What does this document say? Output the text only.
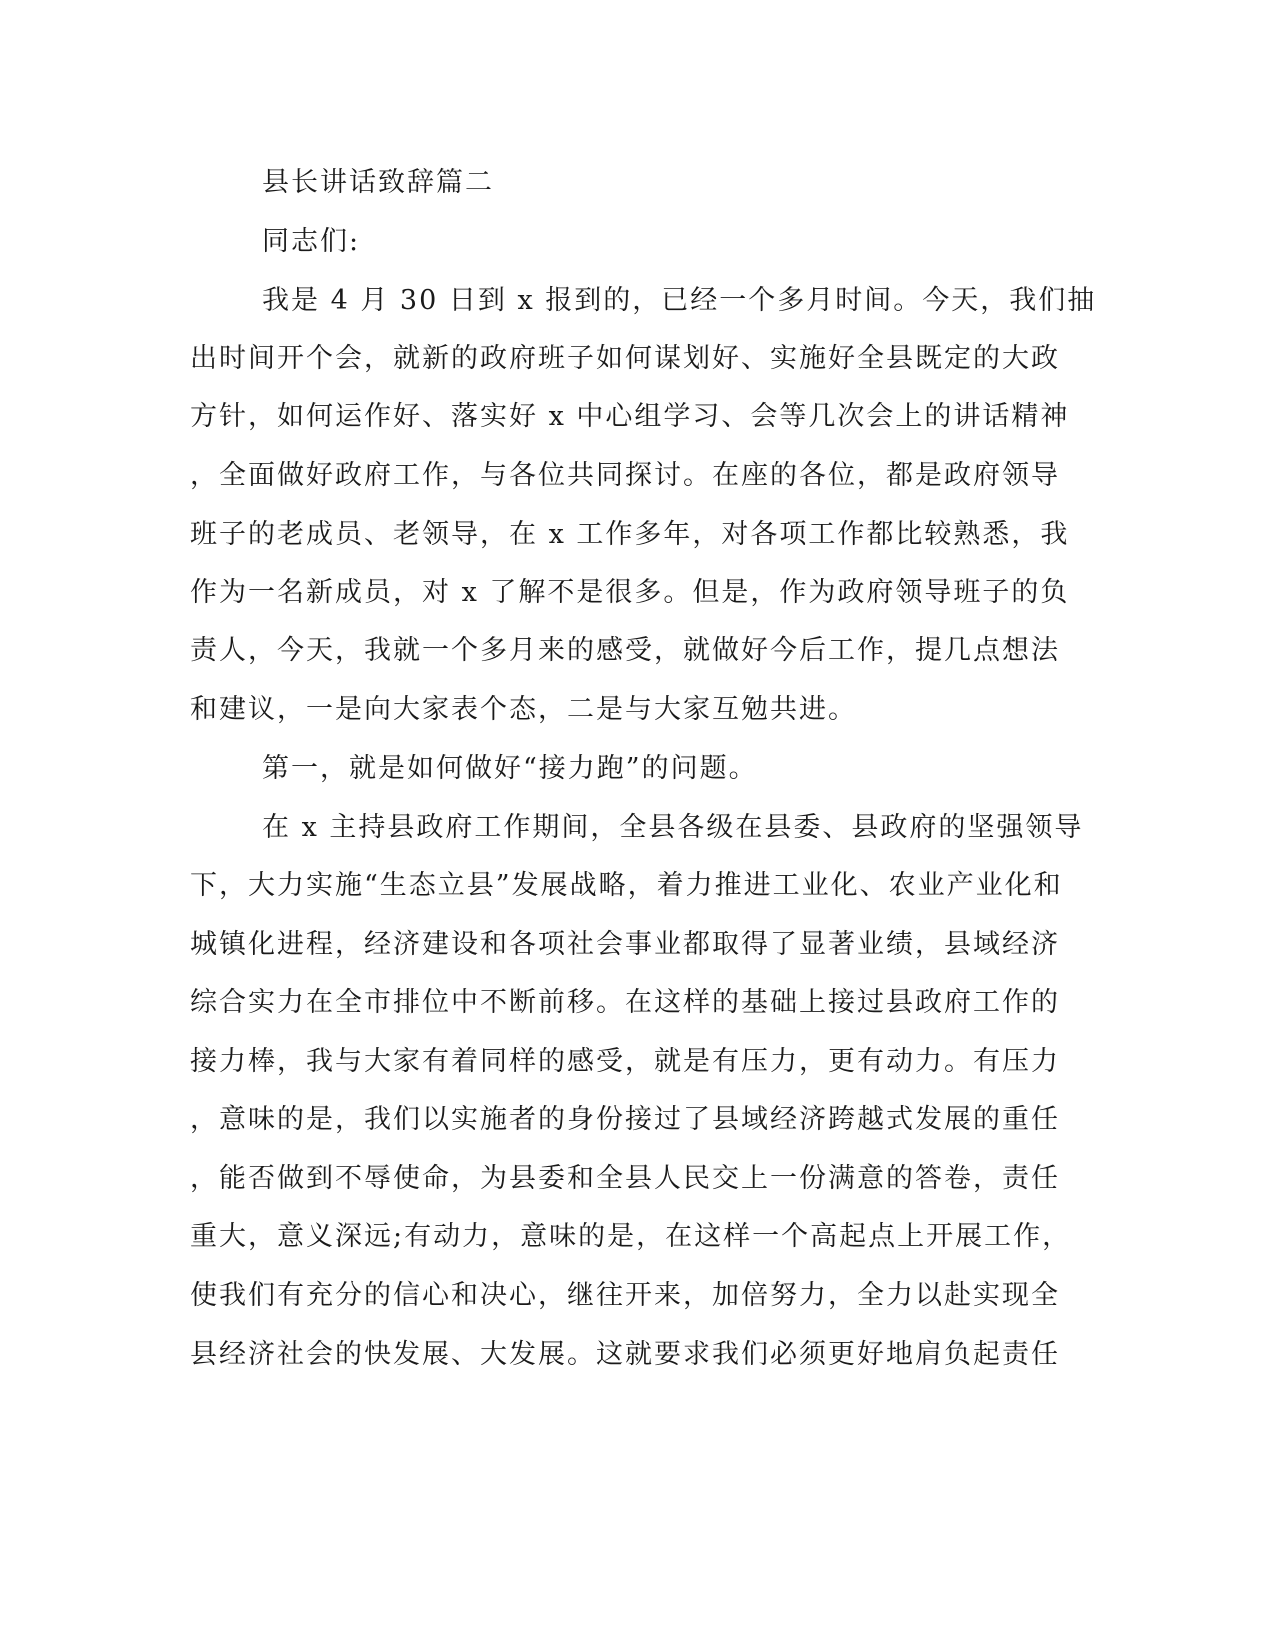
县长讲话致辞篇二
同志们:
我是 4 月 30 日到 x 报到的，已经一个多月时间。今天，我们抽
出时间开个会，就新的政府班子如何谋划好、实施好全县既定的大政
方针，如何运作好、落实好 x 中心组学习、会等几次会上的讲话精神
，全面做好政府工作，与各位共同探讨。在座的各位，都是政府领导
班子的老成员、老领导，在 x 工作多年，对各项工作都比较熟悉，我
作为一名新成员，对 x 了解不是很多。但是，作为政府领导班子的负
责人，今天，我就一个多月来的感受，就做好今后工作，提几点想法
和建议，一是向大家表个态，二是与大家互勉共进。
第一，就是如何做好“接力跑”的问题。
在 x 主持县政府工作期间，全县各级在县委、县政府的坚强领导
下，大力实施“生态立县”发展战略，着力推进工业化、农业产业化和
城镇化进程，经济建设和各项社会事业都取得了显著业绩，县域经济
综合实力在全市排位中不断前移。在这样的基础上接过县政府工作的
接力棒，我与大家有着同样的感受，就是有压力，更有动力。有压力
，意味的是，我们以实施者的身份接过了县域经济跨越式发展的重任
，能否做到不辱使命，为县委和全县人民交上一份满意的答卷，责任
重大，意义深远;有动力，意味的是，在这样一个高起点上开展工作，
使我们有充分的信心和决心，继往开来，加倍努力，全力以赴实现全
县经济社会的快发展、大发展。这就要求我们必须更好地肩负起责任
